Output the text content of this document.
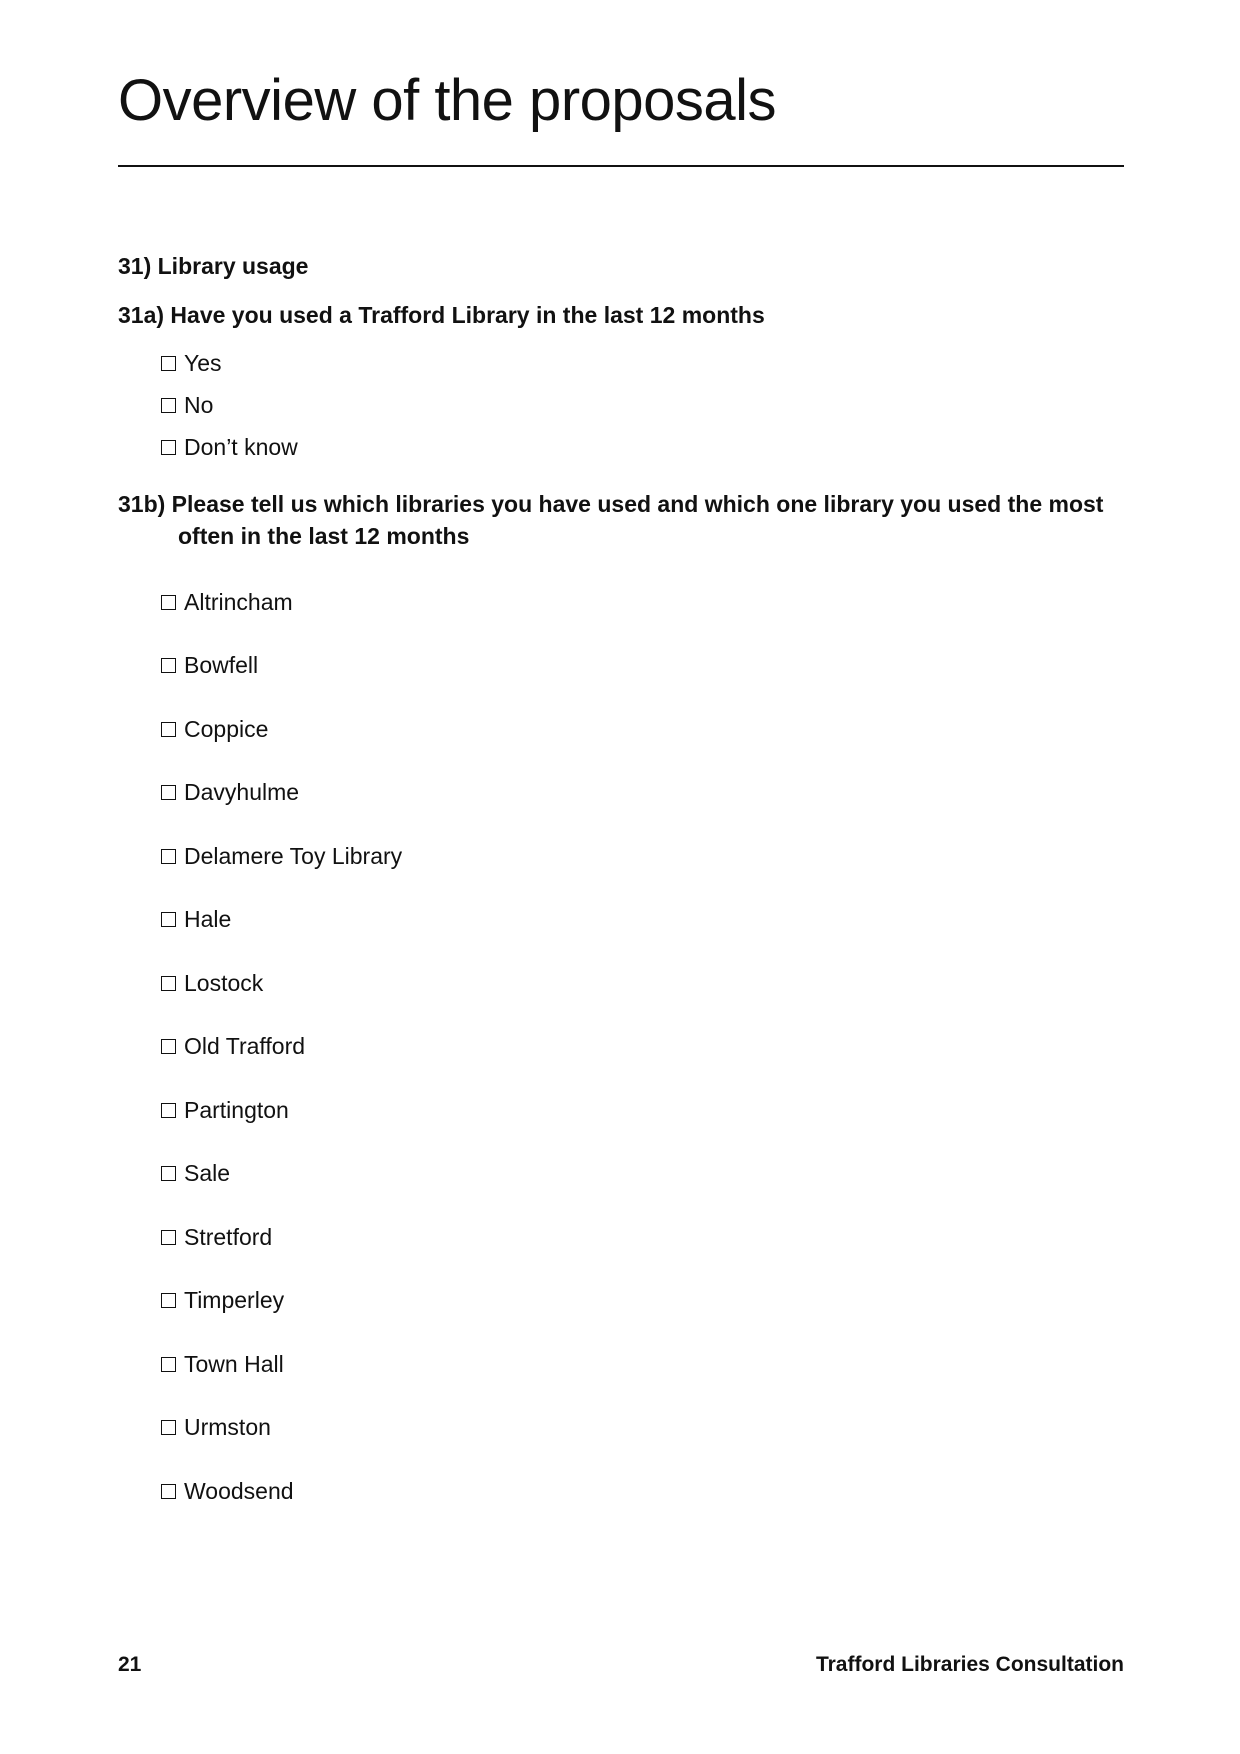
Overview of the proposals

31) Library usage

31a) Have you used a Trafford Library in the last 12 months

Yes
No
Don’t know

31b) Please tell us which libraries you have used and which one library you used the most
often in the last 12 months

Altrincham
Bowfell
Coppice
Davyhulme
Delamere Toy Library
Hale
Lostock
Old Trafford
Partington
Sale
Stretford
Timperley
Town Hall
Urmston
Woodsend
21	Trafford Libraries Consultation
